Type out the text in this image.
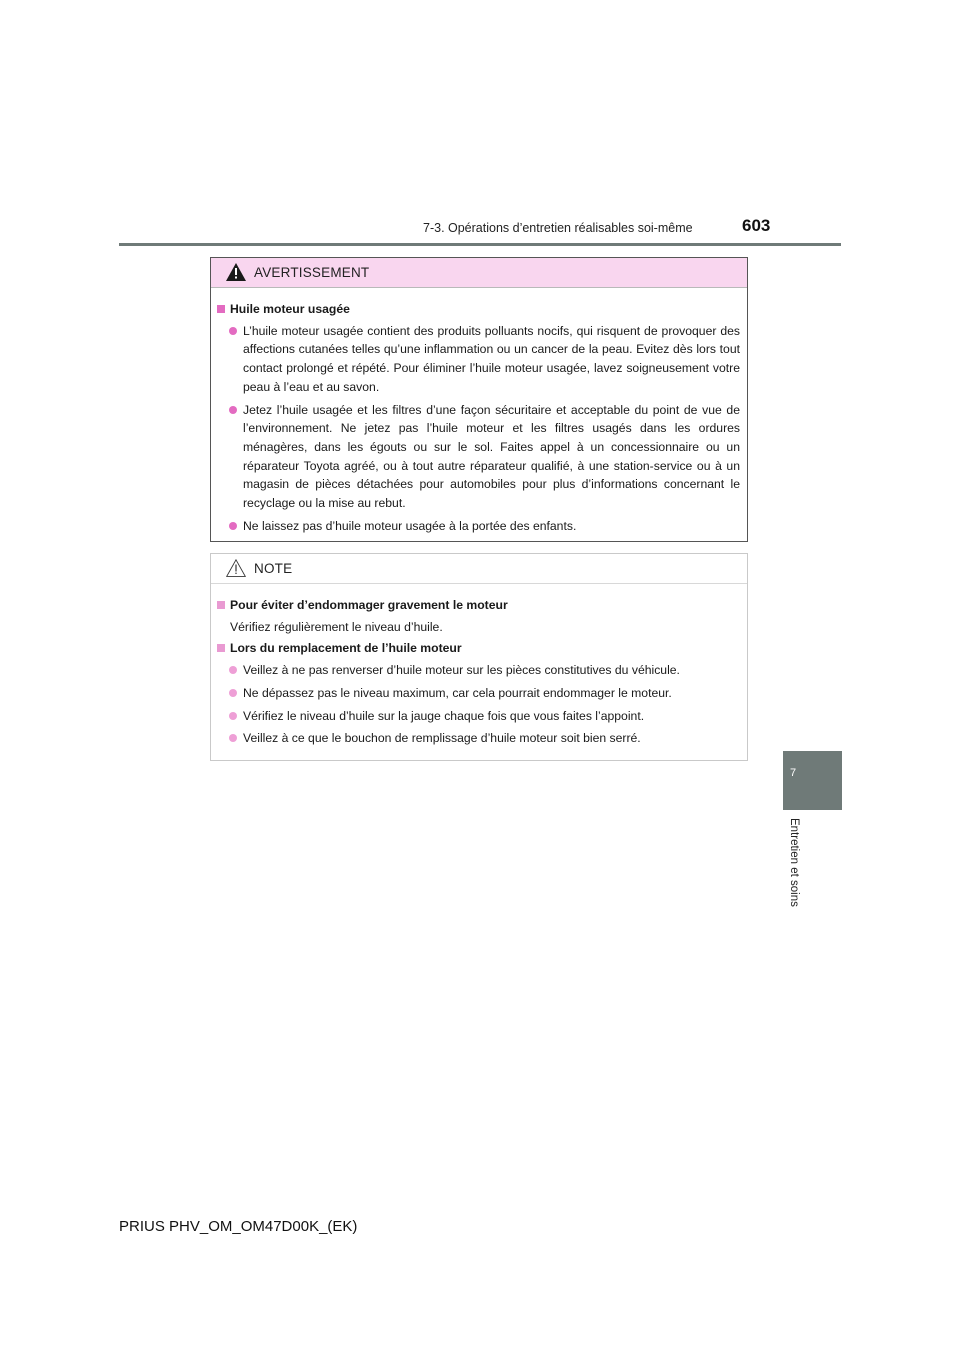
7-3. Opérations d’entretien réalisables soi-même	603
7
Entretien et soins
AVERTISSEMENT
Huile moteur usagée
L’huile moteur usagée contient des produits polluants nocifs, qui risquent de provoquer des affections cutanées telles qu’une inflammation ou un cancer de la peau. Evitez dès lors tout contact prolongé et répété. Pour éliminer l’huile moteur usagée, lavez soigneusement votre peau à l’eau et au savon.
Jetez l’huile usagée et les filtres d’une façon sécuritaire et acceptable du point de vue de l’environnement. Ne jetez pas l’huile moteur et les filtres usagés dans les ordures ménagères, dans les égouts ou sur le sol. Faites appel à un concessionnaire ou un réparateur Toyota agréé, ou à tout autre réparateur qualifié, à une station-service ou à un magasin de pièces détachées pour automobiles pour plus d’informations concernant le recyclage ou la mise au rebut.
Ne laissez pas d’huile moteur usagée à la portée des enfants.
NOTE
Pour éviter d’endommager gravement le moteur
Vérifiez régulièrement le niveau d’huile.
Lors du remplacement de l’huile moteur
Veillez à ne pas renverser d’huile moteur sur les pièces constitutives du véhicule.
Ne dépassez pas le niveau maximum, car cela pourrait endommager le moteur.
Vérifiez le niveau d’huile sur la jauge chaque fois que vous faites l’appoint.
Veillez à ce que le bouchon de remplissage d’huile moteur soit bien serré.
PRIUS PHV_OM_OM47D00K_(EK)
